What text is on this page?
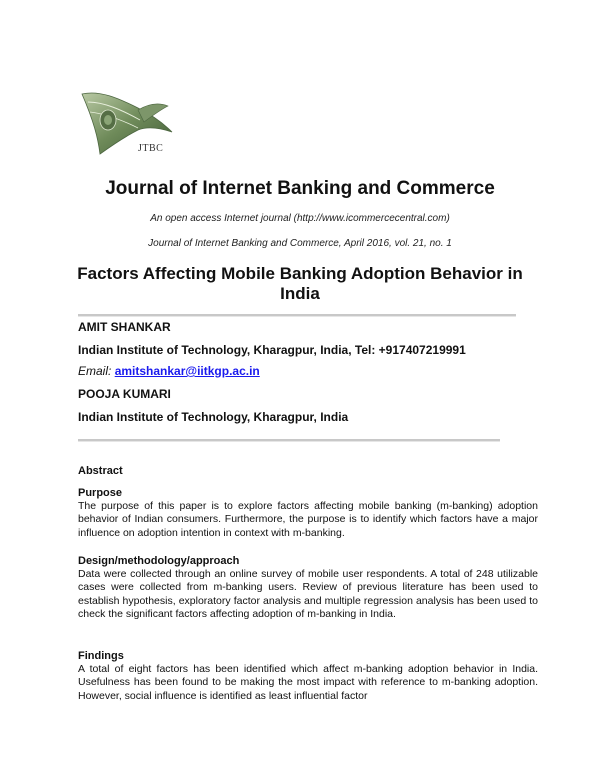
JTBC
Journal of Internet Banking and Commerce
An open access Internet journal (http://www.icommercecentral.com)
Journal of Internet Banking and Commerce, April 2016, vol. 21, no. 1
Factors Affecting Mobile Banking Adoption Behavior in India
AMIT SHANKAR
Indian Institute of Technology, Kharagpur, India, Tel: +917407219991
Email: amitshankar@iitkgp.ac.in
POOJA KUMARI
Indian Institute of Technology, Kharagpur, India
Abstract
Purpose
The purpose of this paper is to explore factors affecting mobile banking (m-banking) adoption behavior of Indian consumers. Furthermore, the purpose is to identify which factors have a major influence on adoption intention in context with m-banking.
Design/methodology/approach
Data were collected through an online survey of mobile user respondents. A total of 248 utilizable cases were collected from m-banking users. Review of previous literature has been used to establish hypothesis, exploratory factor analysis and multiple regression analysis has been used to check the significant factors affecting adoption of m-banking in India.
Findings
A total of eight factors has been identified which affect m-banking adoption behavior in India. Usefulness has been found to be making the most impact with reference to m-banking adoption. However, social influence is identified as least influential factor
